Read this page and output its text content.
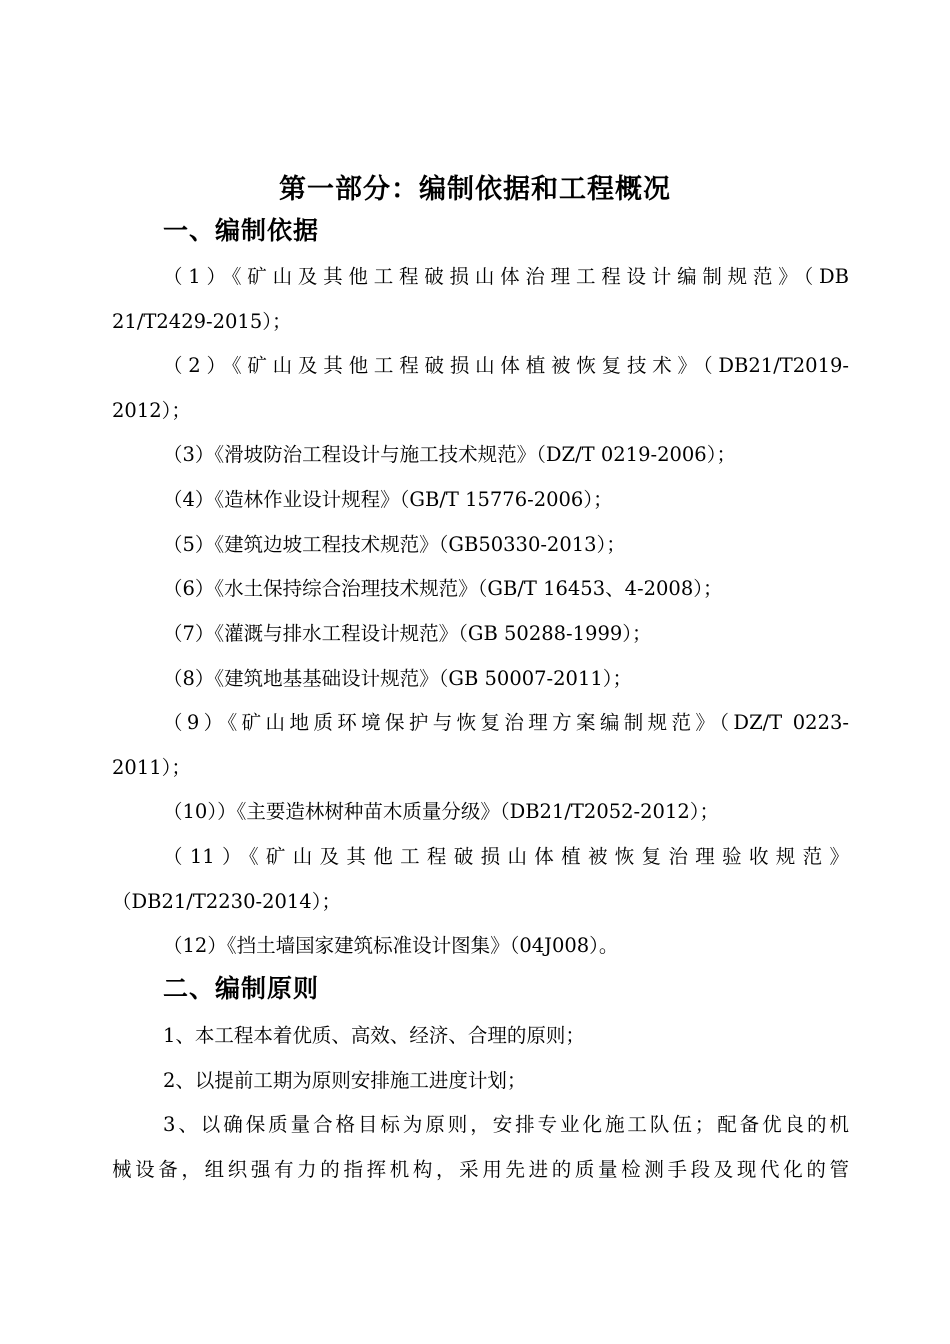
第一部分：编制依据和工程概况
一、编制依据
（1）《矿山及其他工程破损山体治理工程设计编制规范》（DB
21/T2429-2015）；
（2）《矿山及其他工程破损山体植被恢复技术》（DB21/T2019-
2012）；
（3）《滑坡防治工程设计与施工技术规范》（DZ/T 0219-2006）；
（4）《造林作业设计规程》（GB/T 15776-2006）；
（5）《建筑边坡工程技术规范》（GB50330-2013）；
（6）《水土保持综合治理技术规范》（GB/T 16453、4-2008）；
（7）《灌溉与排水工程设计规范》（GB 50288-1999）；
（8）《建筑地基基础设计规范》（GB 50007-2011）；
（9）《矿山地质环境保护与恢复治理方案编制规范》（DZ/T 0223-
2011）；
（10））《主要造林树种苗木质量分级》（DB21/T2052-2012）；
（11）《矿山及其他工程破损山体植被恢复治理验收规范》
（DB21/T2230-2014）；
（12）《挡土墙国家建筑标准设计图集》（04J008）。
二、编制原则
1、本工程本着优质、高效、经济、合理的原则；
2、以提前工期为原则安排施工进度计划；
3、以确保质量合格目标为原则，安排专业化施工队伍；配备优良的机
械设备，组织强有力的指挥机构，采用先进的质量检测手段及现代化的管
